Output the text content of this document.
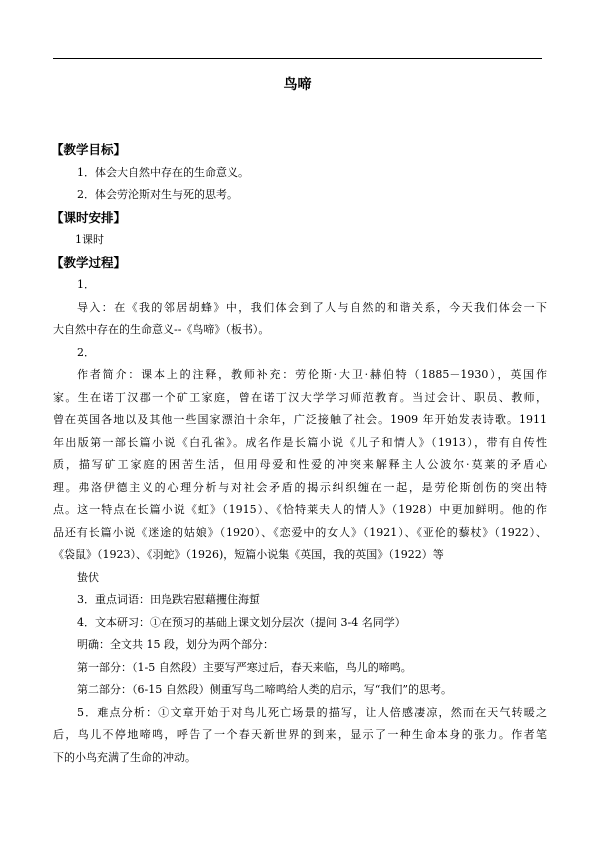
鸟啼
【教学目标】
1．体会大自然中存在的生命意义。
2．体会劳沦斯对生与死的思考。
【课时安排】
1课时
【教学过程】
1．
导入：在《我的邻居胡蜂》中，我们体会到了人与自然的和谐关系，今天我们体会一下
大自然中存在的生命意义--《鸟啼》（板书）。
2．
作者简介：课本上的注释，教师补充：劳伦斯·大卫·赫伯特（1885－1930），英国作
家。生在诺丁汉郡一个矿工家庭，曾在诺丁汉大学学习师范教育。当过会计、职员、教师，
曾在英国各地以及其他一些国家漂泊十余年，广泛接触了社会。1909 年开始发表诗歌。1911
年出版第一部长篇小说《白孔雀》。成名作是长篇小说《儿子和情人》（1913），带有自传性
质，描写矿工家庭的困苦生活，但用母爱和性爱的冲突来解释主人公波尔·莫莱的矛盾心
理。弗洛伊德主义的心理分析与对社会矛盾的揭示纠织缠在一起，是劳伦斯创伤的突出特
点。这一特点在长篇小说《虹》（1915）、《恰特莱夫人的情人》（1928）中更加鲜明。他的作
品还有长篇小说《迷途的姑娘》（1920）、《恋爱中的女人》（1921）、《亚伦的藜杖》（1922）、
《袋鼠》（1923）、《羽蛇》（1926)，短篇小说集《英国，我的英国》（1922）等
蛰伏
3．重点词语：田凫跌宕慰藉攫住海蜇
4．文本研习：①在预习的基础上课文划分层次（提问 3-4 名同学）
明确：全文共 15 段，划分为两个部分：
第一部分：（1-5 自然段）主要写严寒过后，春天来临，鸟儿的啼鸣。
第二部分：（6-15 自然段）侧重写鸟二啼鸣给人类的启示，写“我们”的思考。
5．难点分析：①文章开始于对鸟儿死亡场景的描写，让人倍感凄凉，然而在天气转暖之
后，鸟儿不停地啼鸣，呼告了一个春天新世界的到来，显示了一种生命本身的张力。作者笔
下的小鸟充满了生命的冲动。
